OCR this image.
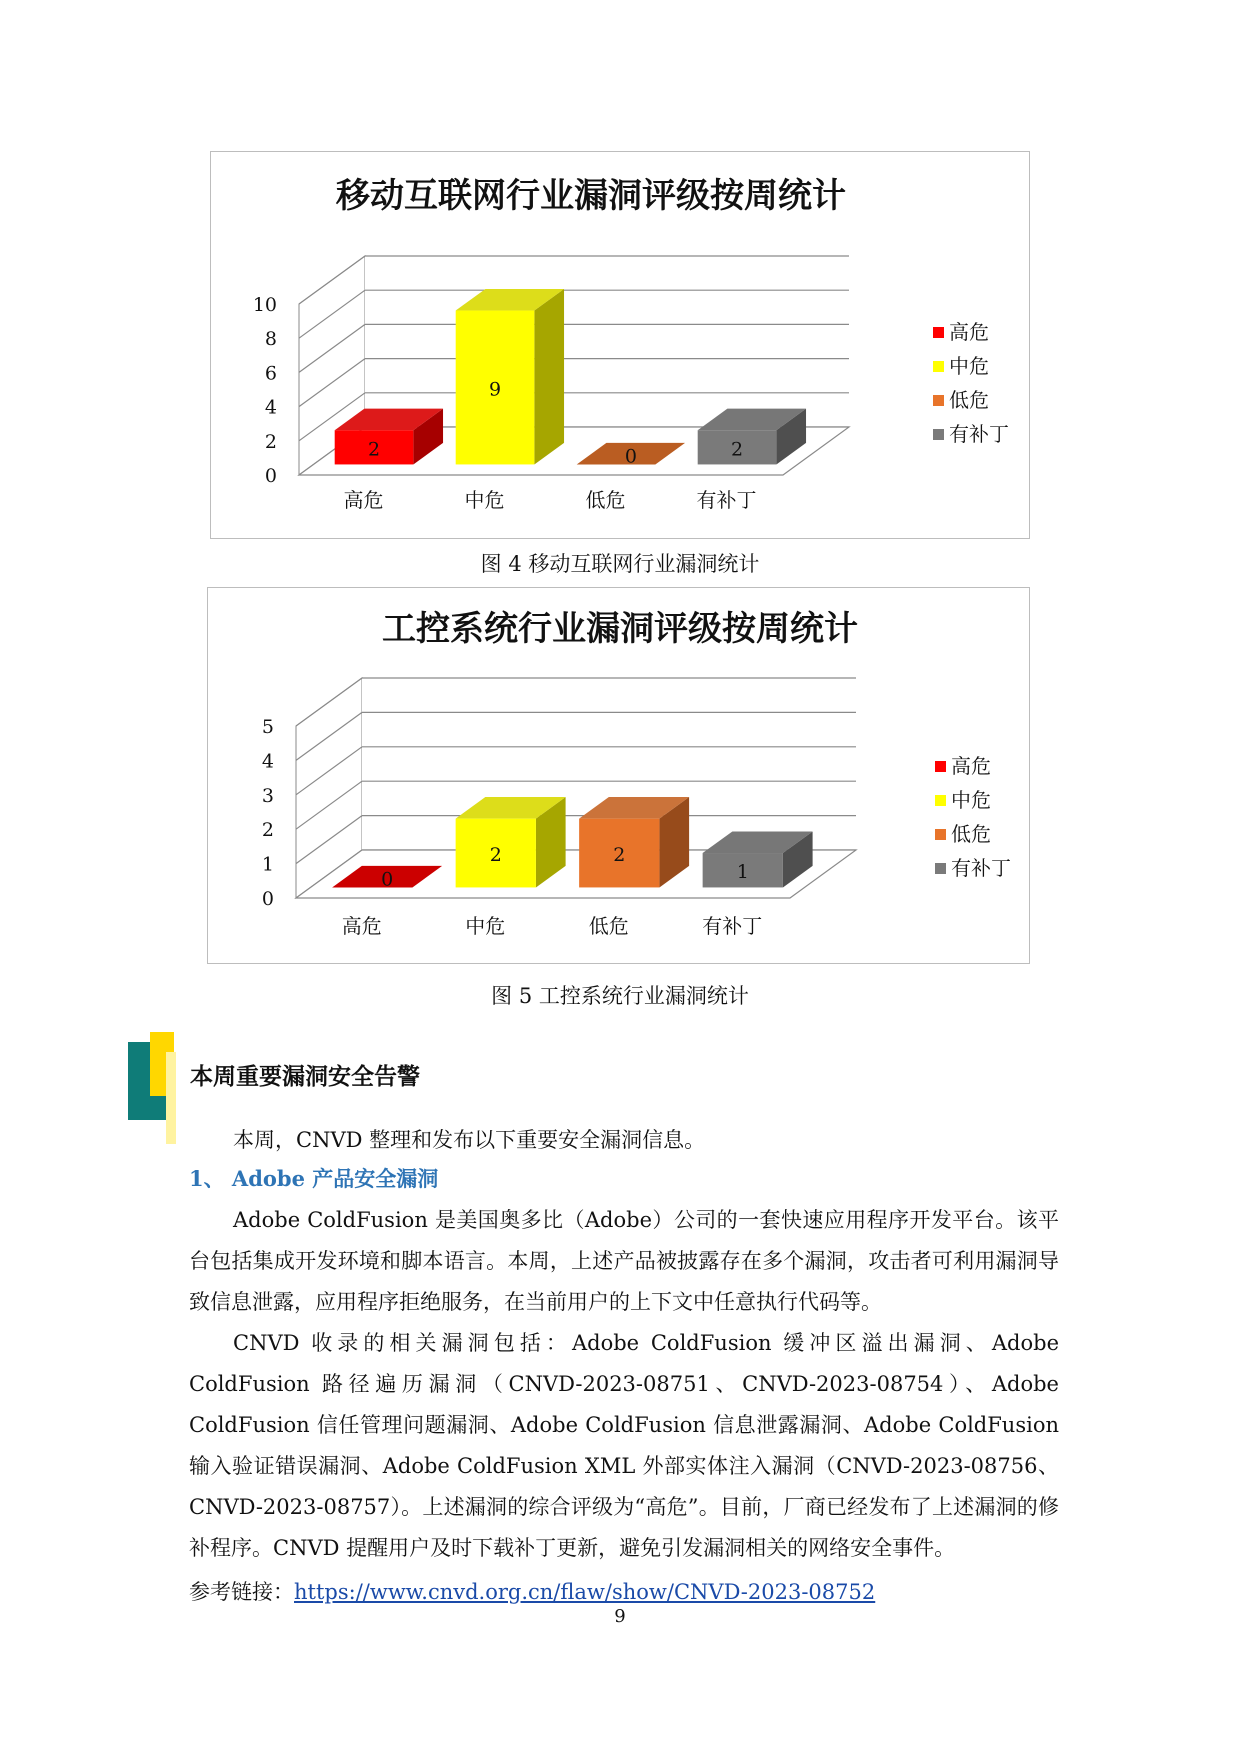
移动互联网行业漏洞评级按周统计
0
2
4
6
8
10
2
高危
9
中危
0
低危
2
有补丁
高危
中危
低危
有补丁
图 4 移动互联网行业漏洞统计
工控系统行业漏洞评级按周统计
0
1
2
3
4
5
0
高危
2
中危
2
低危
1
有补丁
高危
中危
低危
有补丁
图 5 工控系统行业漏洞统计
本周重要漏洞安全告警
本周，CNVD 整理和发布以下重要安全漏洞信息。
1、 Adobe 产品安全漏洞
Adobe ColdFusion 是美国奥多比（Adobe）公司的一套快速应用程序开发平台。该平台包括集成开发环境和脚本语言。本周，上述产品被披露存在多个漏洞，攻击者可利用漏洞导致信息泄露，应用程序拒绝服务，在当前用户的上下文中任意执行代码等。
CNVD 收录的相关漏洞包括：Adobe ColdFusion 缓冲区溢出漏洞、Adobe ColdFusion 路径遍历漏洞（CNVD-2023-08751、CNVD-2023-08754）、Adobe ColdFusion 信任管理问题漏洞、Adobe ColdFusion 信息泄露漏洞、Adobe ColdFusion 输入验证错误漏洞、Adobe ColdFusion XML 外部实体注入漏洞（CNVD-2023-08756、CNVD-2023-08757）。上述漏洞的综合评级为“高危”。目前，厂商已经发布了上述漏洞的修补程序。CNVD 提醒用户及时下载补丁更新，避免引发漏洞相关的网络安全事件。
参考链接：https://www.cnvd.org.cn/flaw/show/CNVD-2023-08752
9
